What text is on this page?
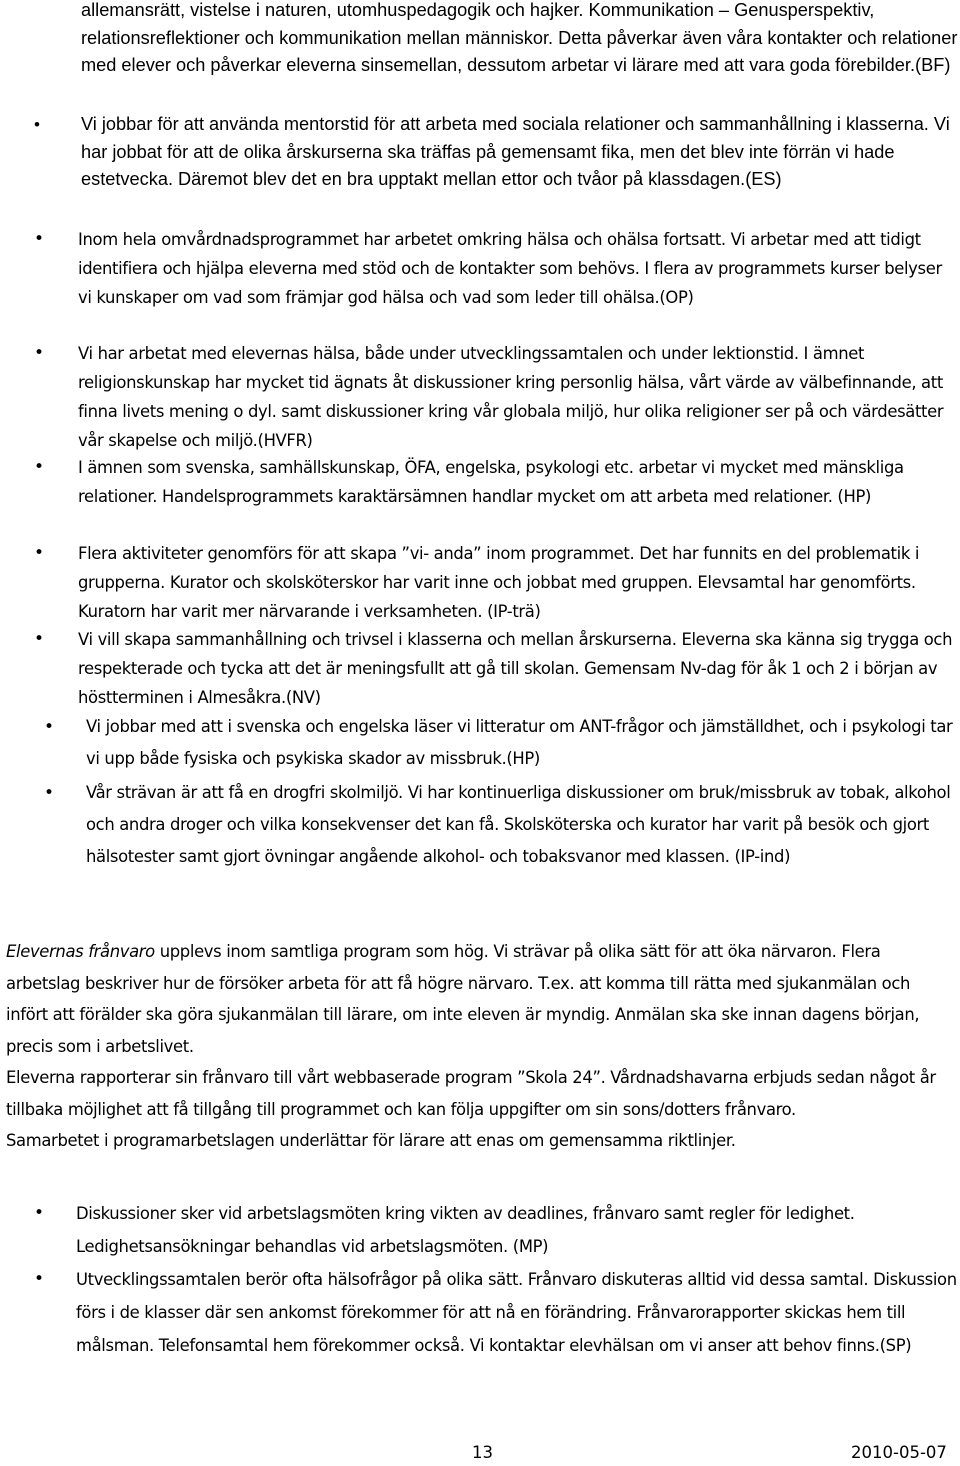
allemansrätt, vistelse i naturen, utomhuspedagogik och hajker. Kommunikation – Genusperspektiv, relationsreflektioner och kommunikation mellan människor. Detta påverkar även våra kontakter och relationer med elever och påverkar eleverna sinsemellan, dessutom arbetar vi lärare med att vara goda förebilder.(BF)

• Vi jobbar för att använda mentorstid för att arbeta med sociala relationer och sammanhållning i klasserna. Vi har jobbat för att de olika årskurserna ska träffas på gemensamt fika, men det blev inte förrän vi hade estetvecka. Däremot blev det en bra upptakt mellan ettor och tvåor på klassdagen.(ES)
• Inom hela omvårdnadsprogrammet har arbetet omkring hälsa och ohälsa fortsatt. Vi arbetar med att tidigt identifiera och hjälpa eleverna med stöd och de kontakter som behövs. I flera av programmets kurser belyser vi kunskaper om vad som främjar god hälsa och vad som leder till ohälsa.(OP)
• Vi har arbetat med elevernas hälsa, både under utvecklingssamtalen och under lektionstid. I ämnet religionskunskap har mycket tid ägnats åt diskussioner kring personlig hälsa, vårt värde av välbefinnande, att finna livets mening o dyl. samt diskussioner kring vår globala miljö, hur olika religioner ser på och värdesätter vår skapelse och miljö.(HVFR)
• I ämnen som svenska, samhällskunskap, ÖFA, engelska, psykologi etc. arbetar vi mycket med mänskliga relationer. Handelsprogrammets karaktärsämnen handlar mycket om att arbeta med relationer. (HP)
• Flera aktiviteter genomförs för att skapa ”vi- anda” inom programmet. Det har funnits en del problematik i grupperna. Kurator och skolsköterskor har varit inne och jobbat med gruppen. Elevsamtal har genomförts. Kuratorn har varit mer närvarande i verksamheten. (IP-trä)
• Vi vill skapa sammanhållning och trivsel i klasserna och mellan årskurserna. Eleverna ska känna sig trygga och respekterade och tycka att det är meningsfullt att gå till skolan. Gemensam Nv-dag för åk 1 och 2 i början av höstterminen i Almesåkra.(NV)
• Vi jobbar med att i svenska och engelska läser vi litteratur om ANT-frågor och jämställdhet, och i psykologi tar vi upp både fysiska och psykiska skador av missbruk.(HP)
• Vår strävan är att få en drogfri skolmiljö. Vi har kontinuerliga diskussioner om bruk/missbruk av tobak, alkohol och andra droger och vilka konsekvenser det kan få. Skolsköterska och kurator har varit på besök och gjort hälsotester samt gjort övningar angående alkohol- och tobaksvanor med klassen. (IP-ind)

Elevernas frånvaro upplevs inom samtliga program som hög. Vi strävar på olika sätt för att öka närvaron. Flera arbetslag beskriver hur de försöker arbeta för att få högre närvaro. T.ex. att komma till rätta med sjukanmälan och infört att förälder ska göra sjukanmälan till lärare, om inte eleven är myndig. Anmälan ska ske innan dagens början, precis som i arbetslivet.

Eleverna rapporterar sin frånvaro till vårt webbaserade program ”Skola 24”. Vårdnadshavarna erbjuds sedan något år tillbaka möjlighet att få tillgång till programmet och kan följa uppgifter om sin sons/dotters frånvaro.

Samarbetet i programarbetslagen underlättar för lärare att enas om gemensamma riktlinjer.

• Diskussioner sker vid arbetslagsmöten kring vikten av deadlines, frånvaro samt regler för ledighet. Ledighetsansökningar behandlas vid arbetslagsmöten. (MP)
• Utvecklingssamtalen berör ofta hälsofrågor på olika sätt. Frånvaro diskuteras alltid vid dessa samtal. Diskussion förs i de klasser där sen ankomst förekommer för att nå en förändring. Frånvarorapporter skickas hem till målsman. Telefonsamtal hem förekommer också. Vi kontaktar elevhälsan om vi anser att behov finns.(SP)
13	2010-05-07
